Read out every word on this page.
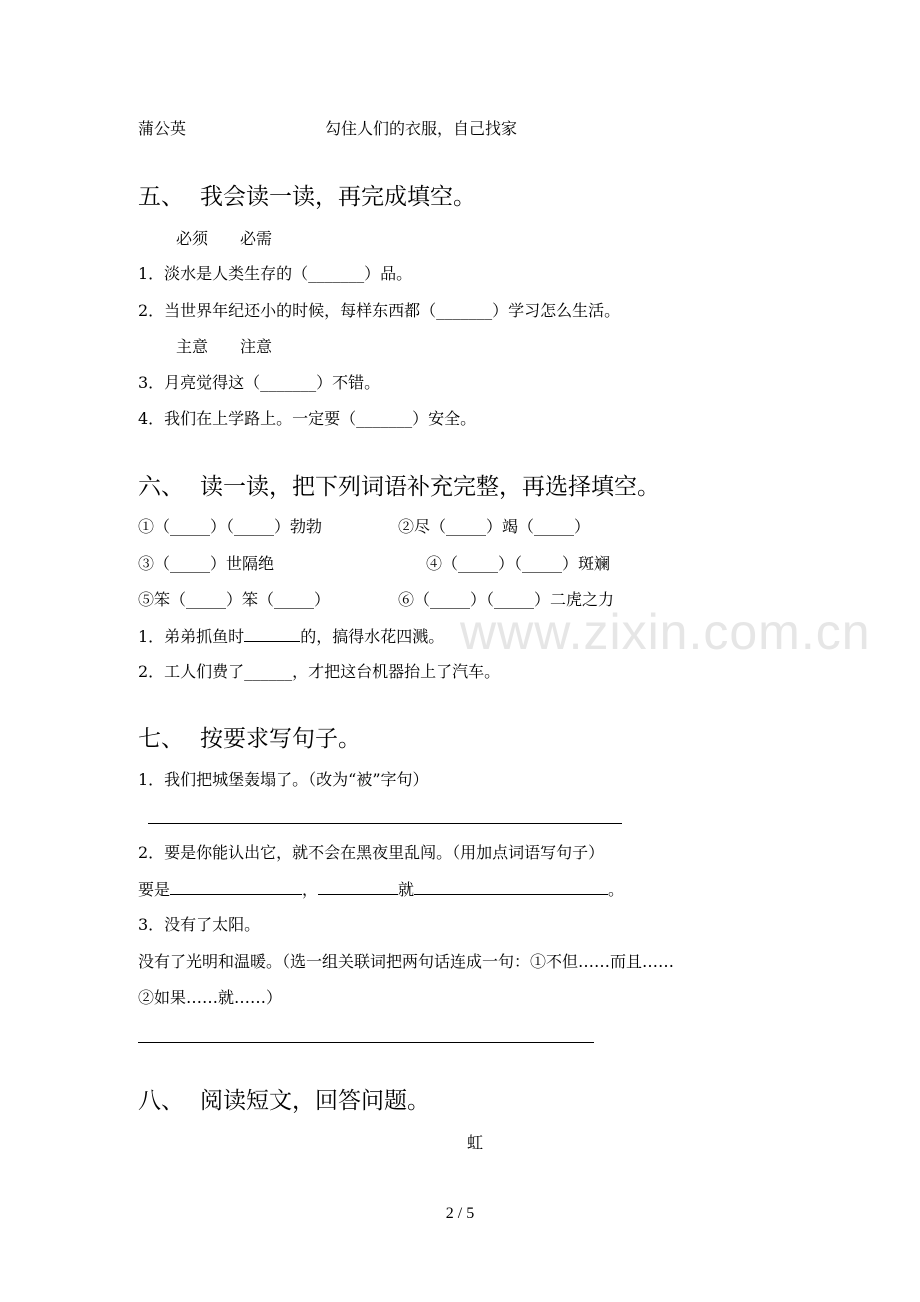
www.zixin.com.cn
蒲公英	勾住人们的衣服，自己找家
五、 我会读一读，再完成填空。
必须　　必需
1．淡水是人类生存的（_______）品。
2．当世界年纪还小的时候，每样东西都（_______）学习怎么生活。
主意　　注意
3．月亮觉得这（_______）不错。
4．我们在上学路上。一定要（_______）安全。
六、 读一读，把下列词语补充完整，再选择填空。
①（_____）（_____）勃勃	②尽（_____）竭（_____）
③（_____）世隔绝	④（_____）（_____）斑斓
⑤笨（_____）笨（_____）	⑥（_____）（_____）二虎之力
1．弟弟抓鱼时	的，搞得水花四溅。
2．工人们费了______，才把这台机器抬上了汽车。
七、 按要求写句子。
1．我们把城堡轰塌了。（改为“被”字句）
2．要是你能认出它，就不会在黑夜里乱闯。（用加点词语写句子）
要是	，	就	。
3．没有了太阳。
没有了光明和温暖。（选一组关联词把两句话连成一句：①不但……而且……
②如果……就……）
八、 阅读短文，回答问题。
虹
2 / 5
